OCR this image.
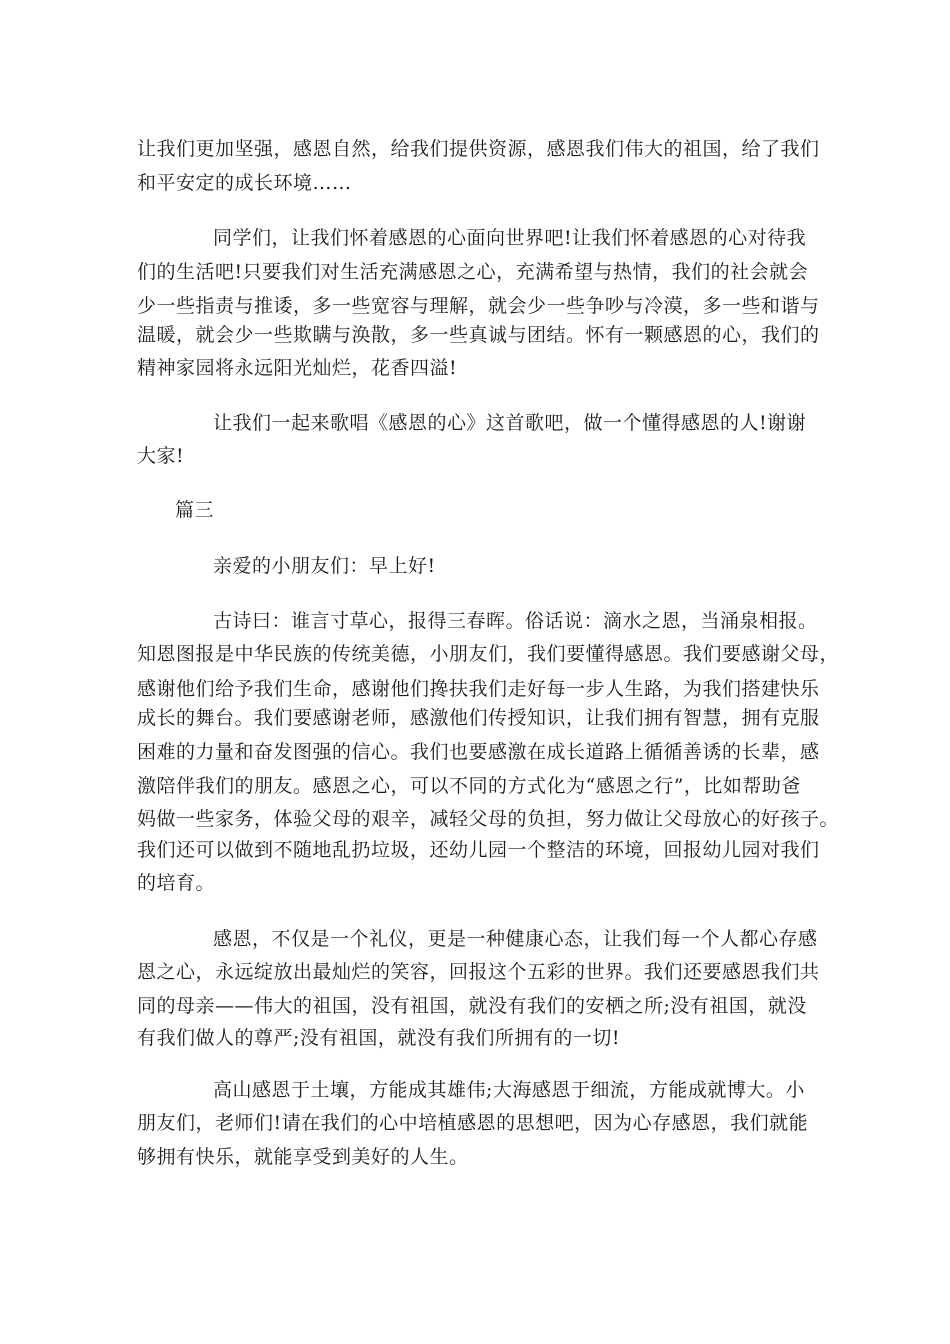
让我们更加坚强，感恩自然，给我们提供资源，感恩我们伟大的祖国，给了我们
和平安定的成长环境……
同学们，让我们怀着感恩的心面向世界吧!让我们怀着感恩的心对待我
们的生活吧!只要我们对生活充满感恩之心，充满希望与热情，我们的社会就会
少一些指责与推诿，多一些宽容与理解，就会少一些争吵与冷漠，多一些和谐与
温暖，就会少一些欺瞒与涣散，多一些真诚与团结。怀有一颗感恩的心，我们的
精神家园将永远阳光灿烂，花香四溢!
让我们一起来歌唱《感恩的心》这首歌吧，做一个懂得感恩的人!谢谢
大家!
篇三
亲爱的小朋友们：早上好!
古诗曰：谁言寸草心，报得三春晖。俗话说：滴水之恩，当涌泉相报。
知恩图报是中华民族的传统美德，小朋友们，我们要懂得感恩。我们要感谢父母，
感谢他们给予我们生命，感谢他们搀扶我们走好每一步人生路，为我们搭建快乐
成长的舞台。我们要感谢老师，感激他们传授知识，让我们拥有智慧，拥有克服
困难的力量和奋发图强的信心。我们也要感激在成长道路上循循善诱的长辈，感
激陪伴我们的朋友。感恩之心，可以不同的方式化为“感恩之行”，比如帮助爸
妈做一些家务，体验父母的艰辛，减轻父母的负担，努力做让父母放心的好孩子。
我们还可以做到不随地乱扔垃圾，还幼儿园一个整洁的环境，回报幼儿园对我们
的培育。
感恩，不仅是一个礼仪，更是一种健康心态，让我们每一个人都心存感
恩之心，永远绽放出最灿烂的笑容，回报这个五彩的世界。我们还要感恩我们共
同的母亲——伟大的祖国，没有祖国，就没有我们的安栖之所;没有祖国，就没
有我们做人的尊严;没有祖国，就没有我们所拥有的一切!
高山感恩于土壤，方能成其雄伟;大海感恩于细流，方能成就博大。小
朋友们，老师们!请在我们的心中培植感恩的思想吧，因为心存感恩，我们就能
够拥有快乐，就能享受到美好的人生。
